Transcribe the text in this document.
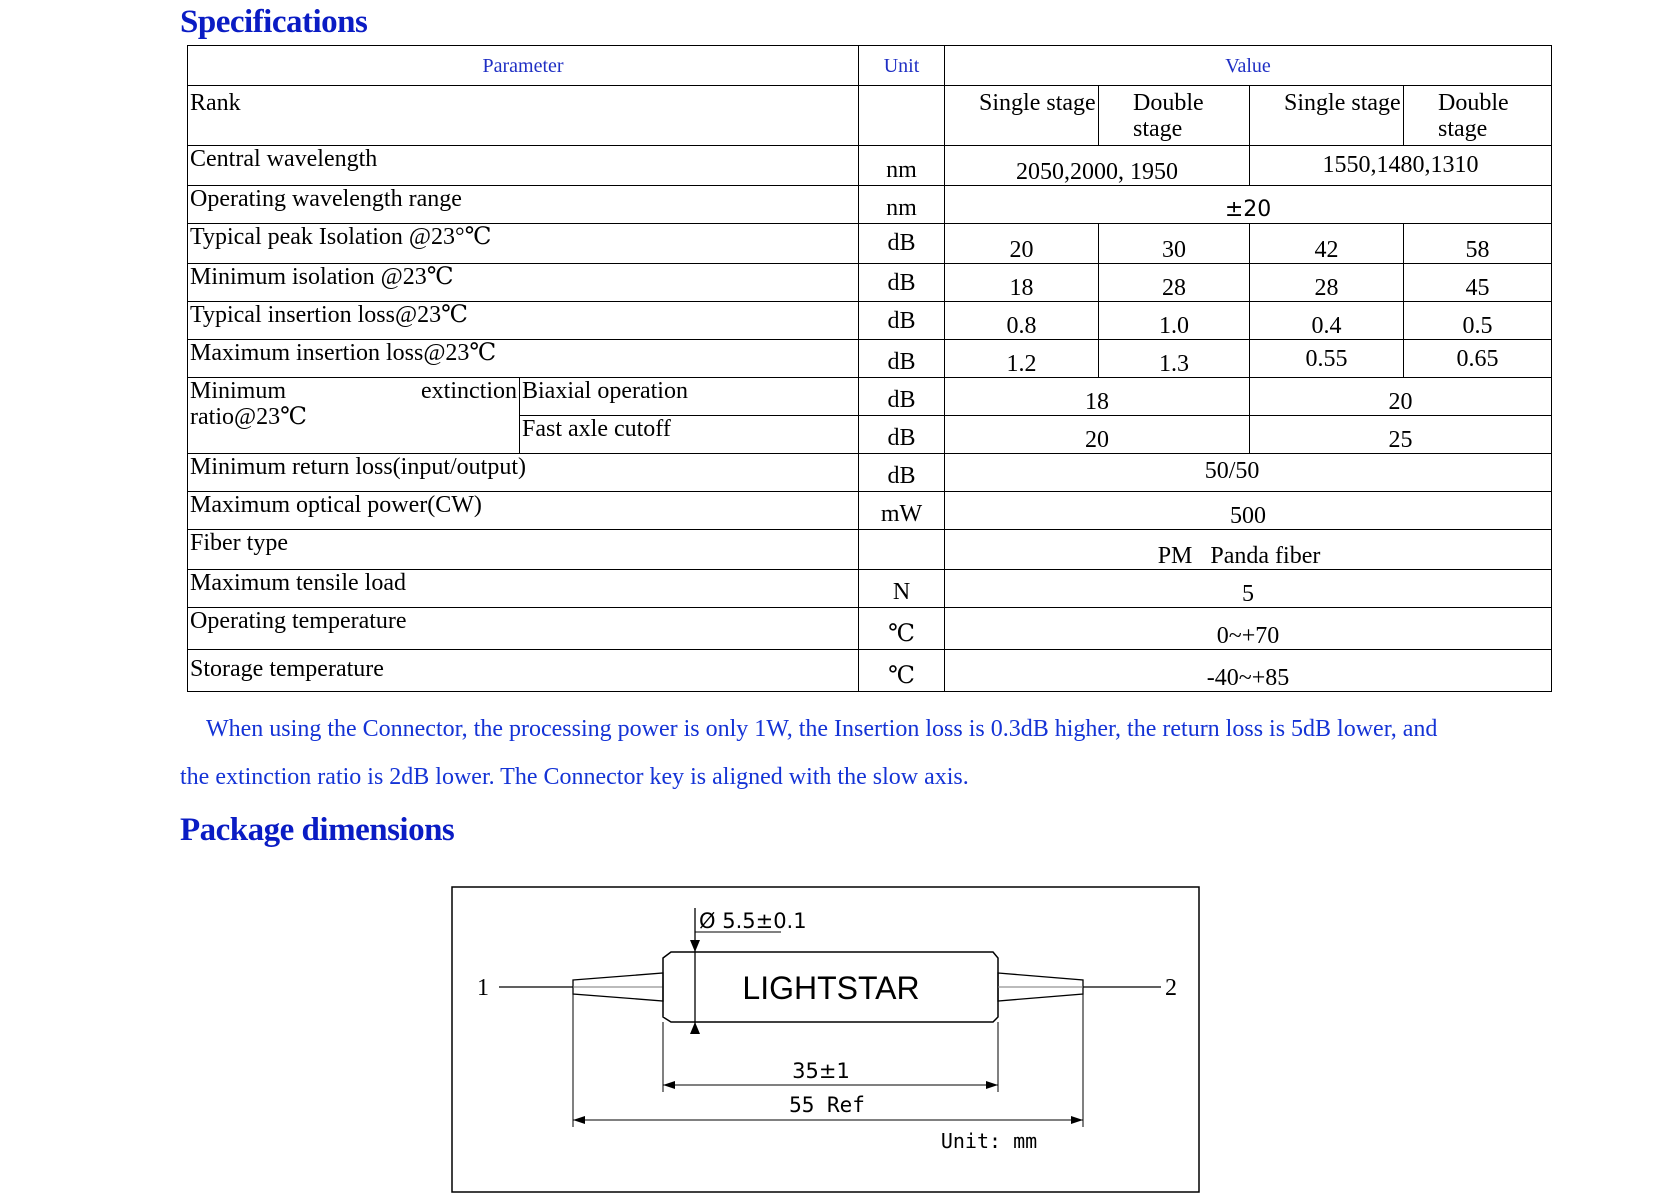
Specifications
Parameter		Unit	Value			
Rank			Single stage	Double stage	Single stage	Double stage
Central wavelength		nm	2050,2000, 1950		1550,1480,1310	
Operating wavelength range		nm	±20			
Typical peak Isolation @23°℃		dB	20	30	42	58
Minimum isolation @23℃		dB	18	28	28	45
Typical insertion loss@23℃		dB	0.8	1.0	0.4	0.5
Maximum insertion loss@23℃		dB	1.2	1.3	0.55	0.65

Minimum extinction
ratio@23℃	Biaxial operation	dB	18		20	
	Fast axle cutoff	dB	20		25	
Minimum return loss(input/output)		dB	50/50			
Maximum optical power(CW)		mW	500			
Fiber type			PM   Panda fiber			
Maximum tensile load		N	5			
Operating temperature		℃	0~+70			
Storage temperature		℃	-40~+85			

When using the Connector, the processing power is only 1W, the Insertion loss is 0.3dB higher, the return loss is 5dB lower, and

the extinction ratio is 2dB lower. The Connector key is aligned with the slow axis.

Package dimensions
1	2
LIGHTSTAR
Ø 5.5±0.1
35±1
55 Ref
Unit: mm
